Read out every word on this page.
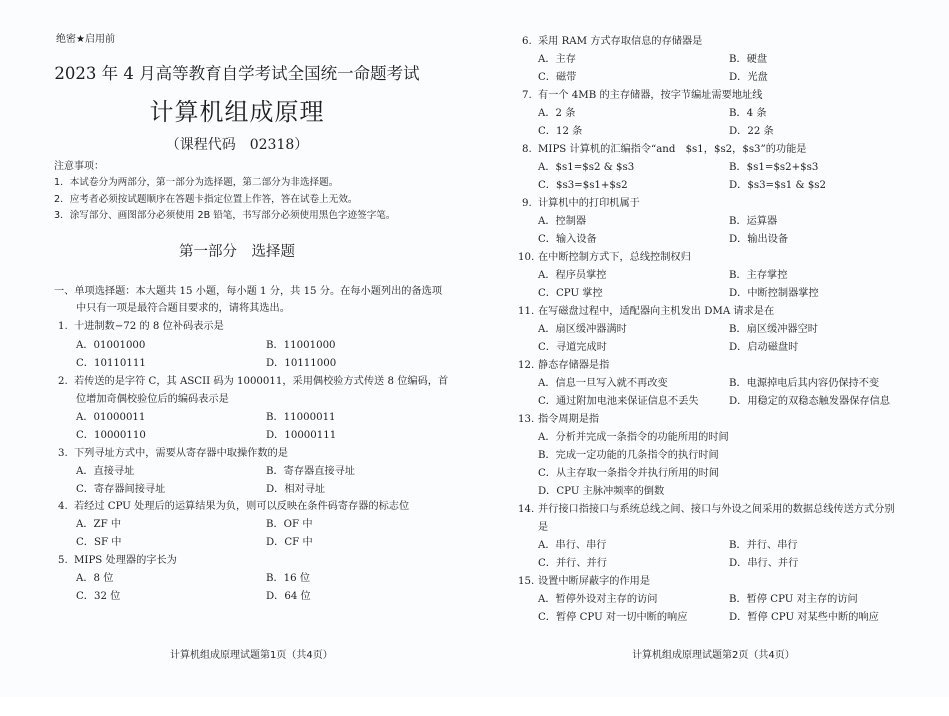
绝密★启用前
2023 年 4 月高等教育自学考试全国统一命题考试
计算机组成原理
（课程代码　02318）
注意事项：
1．本试卷分为两部分，第一部分为选择题，第二部分为非选择题。
2．应考者必须按试题顺序在答题卡指定位置上作答，答在试卷上无效。
3．涂写部分、画图部分必须使用 2B 铅笔，书写部分必须使用黑色字迹签字笔。
第一部分　选择题
一、单项选择题：本大题共 15 小题，每小题 1 分，共 15 分。在每小题列出的备选项
中只有一项是最符合题目要求的，请将其选出。
1. 十进制数−72 的 8 位补码表示是
A．01001000	B．11001000
C．10110111	D．10111000
2. 若传送的是字符 C，其 ASCII 码为 1000011，采用偶校验方式传送 8 位编码，首
位增加奇偶校验位后的编码表示是
A．01000011	B．11000011
C．10000110	D．10000111
3. 下列寻址方式中，需要从寄存器中取操作数的是
A．直接寻址	B．寄存器直接寻址
C．寄存器间接寻址	D．相对寻址
4. 若经过 CPU 处理后的运算结果为负，则可以反映在条件码寄存器的标志位
A．ZF 中	B．OF 中
C．SF 中	D．CF 中
5. MIPS 处理器的字长为
A．8 位	B．16 位
C．32 位	D．64 位
计算机组成原理试题第1页（共4页）
6. 采用 RAM 方式存取信息的存储器是
A．主存	B．硬盘
C．磁带	D．光盘
7. 有一个 4MB 的主存储器，按字节编址需要地址线
A．2 条	B．4 条
C．12 条	D．22 条
8. MIPS 计算机的汇编指令“and　$s1，$s2，$s3”的功能是
A．$s1=$s2 & $s3	B．$s1=$s2+$s3
C．$s3=$s1+$s2	D．$s3=$s1 & $s2
9. 计算机中的打印机属于
A．控制器	B．运算器
C．输入设备	D．输出设备
10. 在中断控制方式下，总线控制权归
A．程序员掌控	B．主存掌控
C．CPU 掌控	D．中断控制器掌控
11. 在写磁盘过程中，适配器向主机发出 DMA 请求是在
A．扇区缓冲器满时	B．扇区缓冲器空时
C．寻道完成时	D．启动磁盘时
12. 静态存储器是指
A．信息一旦写入就不再改变	B．电源掉电后其内容仍保持不变
C．通过附加电池来保证信息不丢失	D．用稳定的双稳态触发器保存信息
13. 指令周期是指
A．分析并完成一条指令的功能所用的时间
B．完成一定功能的几条指令的执行时间
C．从主存取一条指令并执行所用的时间
D．CPU 主脉冲频率的倒数
14. 并行接口指接口与系统总线之间、接口与外设之间采用的数据总线传送方式分别
是
A．串行、串行	B．并行、串行
C．并行、并行	D．串行、并行
15. 设置中断屏蔽字的作用是
A．暂停外设对主存的访问	B．暂停 CPU 对主存的访问
C．暂停 CPU 对一切中断的响应	D．暂停 CPU 对某些中断的响应
计算机组成原理试题第2页（共4页）
